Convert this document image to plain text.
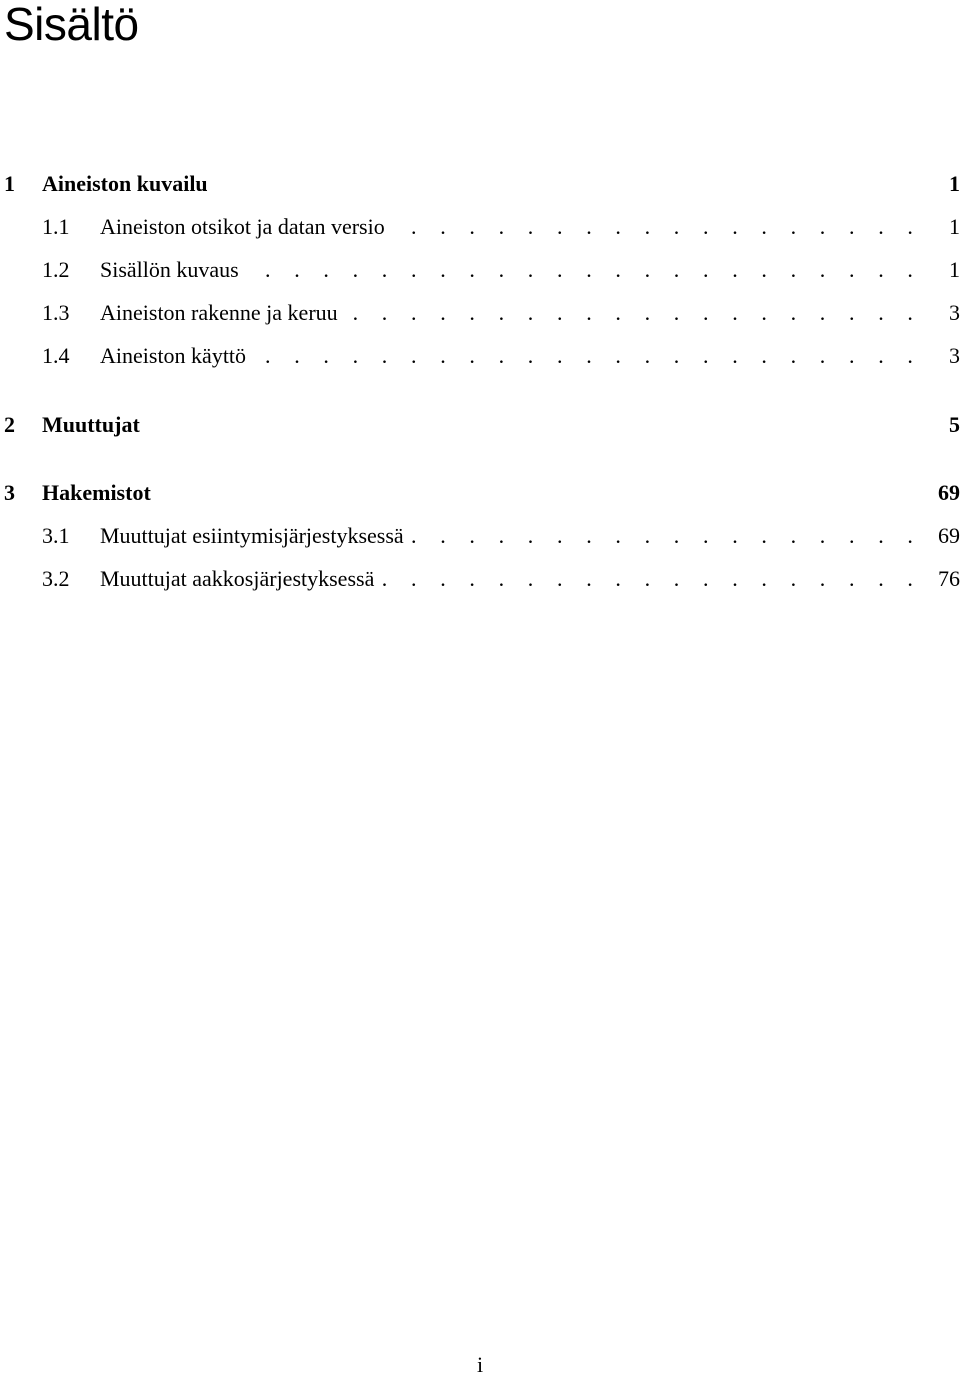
Sisältö
1	Aineiston kuvailu	1
1.1	Aineiston otsikot ja datan versio . . .	1
1.2	Sisällön kuvaus . . .	1
1.3	Aineiston rakenne ja keruu . . .	3
1.4	Aineiston käyttö . . .	3
2	Muuttujat	5
3	Hakemistot	69
3.1	Muuttujat esiintymisjärjestyksessä . . .	69
3.2	Muuttujat aakkosjärjestyksessä . . .	76
i
